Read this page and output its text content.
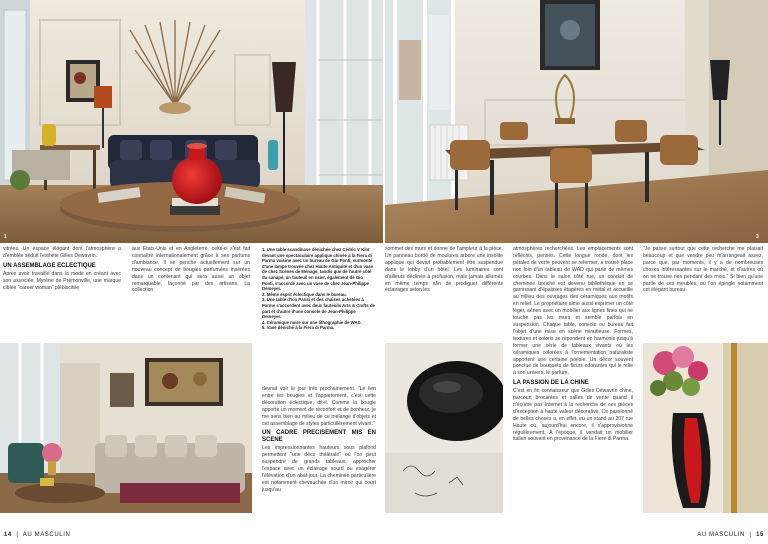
1	3

vitrées. Un espace élégant dont l'atmosphère a d'emblée séduit l'esthète Gilles Dewavrin.

UN ASSEMBLAGE ECLECTIQUE

Après avoir travaillé dans la mode en créant avec son associée, Myrène de Prémonville, une marque ciblée "career woman" plébiscitée

aux États-Unis et en Angleterre, celui-ci s'est fait connaître internationalement grâce à ses parfums d'ambiance. Il se penche actuellement sur un nouveau concept de bougies parfumées insérées dans un contenant qui sera aussi un objet remarquable, façonné par des artisans. La collection

1. Une table scandinave dénichée chez Cédric V Kint devant une spectaculaire applique chinée à la Fiera di Parma voisine avec un bureau de Gio Ponti, surmonté d'une lampe trouvée chez Haute Antiquité et d'un vase de chez Scènes de Ménage, tandis que de l'autre côté du canapé, un fauteuil en osier, également de Gio Ponti, s'accorde avec un vase de chez Jean-Philippe Demeyer.
2. Même esprit éclectique dans le bureau.
3. Une table d'Ico Parisi et des chaises achetées à Parme s'accordent avec deux fauteuils Arts & Crafts de part et d'autre d'une console de Jean-Philippe Demeyer.
4. Céramique noire sur une lithographie de WAD.
5. Vase déniché à la Fiera di Parma.

sommet des murs et donne de l'ampleur à la pièce. Un panneau bordé de moulures arbore une insolite applique qui devait probablement être suspendue dans le lobby d'un hôtel. Les luminaires sont d'ailleurs déclinés à profusion, mais jamais allumés en même temps afin de prodiguer différents éclairages selon les

atmosphères recherchées. Les emplacements sont réfléchis, pensés. Cette longue ronde, dont les pétales de verre peuvent se refermer, a trouvé place non loin d'un tableau de WAD qui parle de mêmes courbes. Dans le salon côté rue, un conduit de cheminée bouché est devenu bibliothèque en se garnissant d'épaisses étagères en métal et accueille au milieu des ouvrages des céramiques aux motifs en relief. Le propriétaire aime aussi exprimer un côté léger, aérien avec un mobilier aux lignes fines qui ne touche pas les murs et semble parfois en suspension. Chaque table, console ou bureau fait l'objet d'une mise en scène minutieuse. Formes, textures et coloris se répondent en harmonie jusqu'à former une série de tableaux vivants où les céramiques colorées à l'ornementation naturaliste apportent une certaine poésie. Un décor souvent ponctué de bouquets de fleurs odorantes qui le relie à son univers, le parfum.

LA PASSION DE LA CHINE

C'est en fin connaisseur que Gilles Dewavrin chine, parcourt brocantes et salles de vente quand il n'écume pas Internet à la recherche de ces pièces d'exception à haute valeur décorative. Ce passionné de belles choses a, en effet, eu un stand au 207 rue Haute où, aujourd'hui encore, il s'approvisionne régulièrement. À l'époque, il vendait un mobilier italien souvent en provenance de la Fiere di Parma.

"Je passe surtout que cette recherche me plaisait beaucoup et que vendre peu m'arrangeait assez, parce que, par moments, il y a de nombreuses choses intéressantes sur le marché, et d'autres où on ne trouve rien pendant des mois." Si bien qu'une partie de ces meubles, où l'on épingle notamment cet élégant bureau

devrait voir le jour très prochainement. "Le lien entre les bougies et l'appartement, c'est cette décoration éclectique, dit-il. Comme la bougie apporte un moment de réconfort et de bonheur, je me sens bien au milieu de ce mélange d'objets et cet assemblage de styles particulièrement vivant."

UN CADRE PRECISEMENT MIS EN SCENE

Les impressionnantes hauteurs sous plafond permettent "une déco théâtrale" où l'on peut suspendre de grands tableaux, approcher l'espace avec un éclairage sourd ou exagérer l'élévation d'un abat-jour. La cheminée particulière est notamment chevauchée d'un miroir qui court jusqu'au

14  |  AU MASCULIN	AU MASCULIN  |  15
